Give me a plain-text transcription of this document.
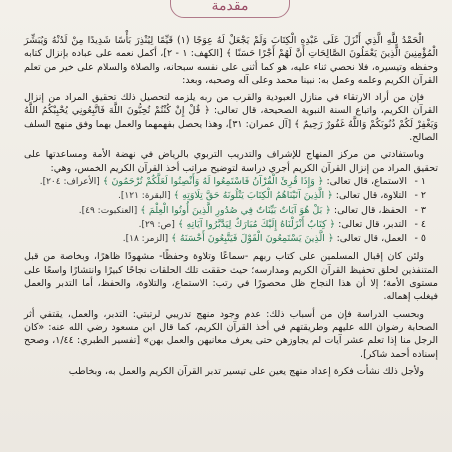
مقدمة

الْحَمْدُ لِلَّهِ الَّذِي أَنْزَلَ عَلَى عَبْدِهِ الْكِتَابَ وَلَمْ يَجْعَلْ لَهُ عِوَجًا (١) قَيِّمًا لِيُنْذِرَ بَأْسًا شَدِيدًا مِنْ لَدُنْهُ وَيُبَشِّرَ الْمُؤْمِنِينَ الَّذِينَ يَعْمَلُونَ الصَّالِحَاتِ أَنَّ لَهُمْ أَجْرًا حَسَنًا ﴾ [الكهف: ١ - ٢]، أكمل نعمه على عباده بإنزال كتابه وحفظه وتيسيره، فلا نحصي ثناء عليه، هو كما أثنى على نفسه سبحانه، والصلاة والسلام على خير من تعلم القرآن الكريم وعلمه وعمل به: نبينا محمد وعلى آله وصحبه، وبعد:

فإن من أراد الارتقاء في منازل العبودية والقرب من ربه يلزمه لتحصيل ذلك تحقيق المراد من إنزال القرآن الكريم، واتباع السنة النبوية الصحيحة، قال تعالى: ﴿ قُلْ إِنْ كُنْتُمْ تُحِبُّونَ اللَّهَ فَاتَّبِعُونِي يُحْبِبْكُمُ اللَّهُ وَيَغْفِرْ لَكُمْ ذُنُوبَكُمْ وَاللَّهُ غَفُورٌ رَحِيمٌ ﴾ [آل عمران: ٣١]، وهذا يحصل بفهمهما والعمل بهما وفق منهج السلف الصالح.

وباستفادتي من مركز المنهاج للإشراف والتدريب التربوي بالرياض في نهضة الأمة ومساعدتها على تحقيق المراد من إنزال القرآن الكريم أجري دراسة لتوضيح مراتب أخذ القرآن الكريم الخمس، وهي:

١ - الاستماع، قال تعالى: ﴿ وَإِذَا قُرِئَ الْقُرْآنُ فَاسْتَمِعُوا لَهُ وَأَنْصِتُوا لَعَلَّكُمْ تُرْحَمُونَ ﴾ [الأعراف: ٢٠٤].

٢ - التلاوة، قال تعالى: ﴿ الَّذِينَ آتَيْنَاهُمُ الْكِتَابَ يَتْلُونَهُ حَقَّ تِلَاوَتِهِ ﴾ [البقرة: ١٢١].

٣ - الحفظ، قال تعالى: ﴿ بَلْ هُوَ آيَاتٌ بَيِّنَاتٌ فِي صُدُورِ الَّذِينَ أُوتُوا الْعِلْمَ ﴾ [العنكبوت: ٤٩].

٤ - التدبر، قال تعالى: ﴿ كِتَابٌ أَنْزَلْنَاهُ إِلَيْكَ مُبَارَكٌ لِيَدَّبَّرُوا آيَاتِهِ ﴾ [ص: ٢٩].

٥ - العمل، قال تعالى: ﴿ الَّذِينَ يَسْتَمِعُونَ الْقَوْلَ فَيَتَّبِعُونَ أَحْسَنَهُ ﴾ [الزمر: ١٨].

ولئن كان إقبال المسلمين على كتاب ربهم -سماعًا وتلاوة وحفظًا- مشهودًا ظاهرًا، وبخاصة من قبل المتنفذين لحلق تحفيظ القرآن الكريم ومدارسه؛ حيث حققت تلك الحلقات نجاحًا كبيرًا وانتشارًا واسعًا على مستوى الأمة؛ إلا أن هذا النجاح ظل محصورًا في رتب: الاستماع، والتلاوة، والحفظ، أما التدبر والعمل فيغلب إهماله.

وبحسب الدراسة فإن من أسباب ذلك: عدم وجود منهج تدريبي لرتبتي: التدبر، والعمل، يقتفي أثر الصحابة رضوان الله عليهم وطريقتهم في أخذ القرآن الكريم، كما قال ابن مسعود رضي الله عنه: «كان الرجل منا إذا تعلم عشر آيات لم يجاوزهن حتى يعرف معانيهن والعمل بهن» [تفسير الطبري: ١/٤٤، وصحح إسناده أحمد شاكر].

ولأجل ذلك نشأت فكرة إعداد منهج يعين على تيسير تدبر القرآن الكريم والعمل به، وبخاطب
